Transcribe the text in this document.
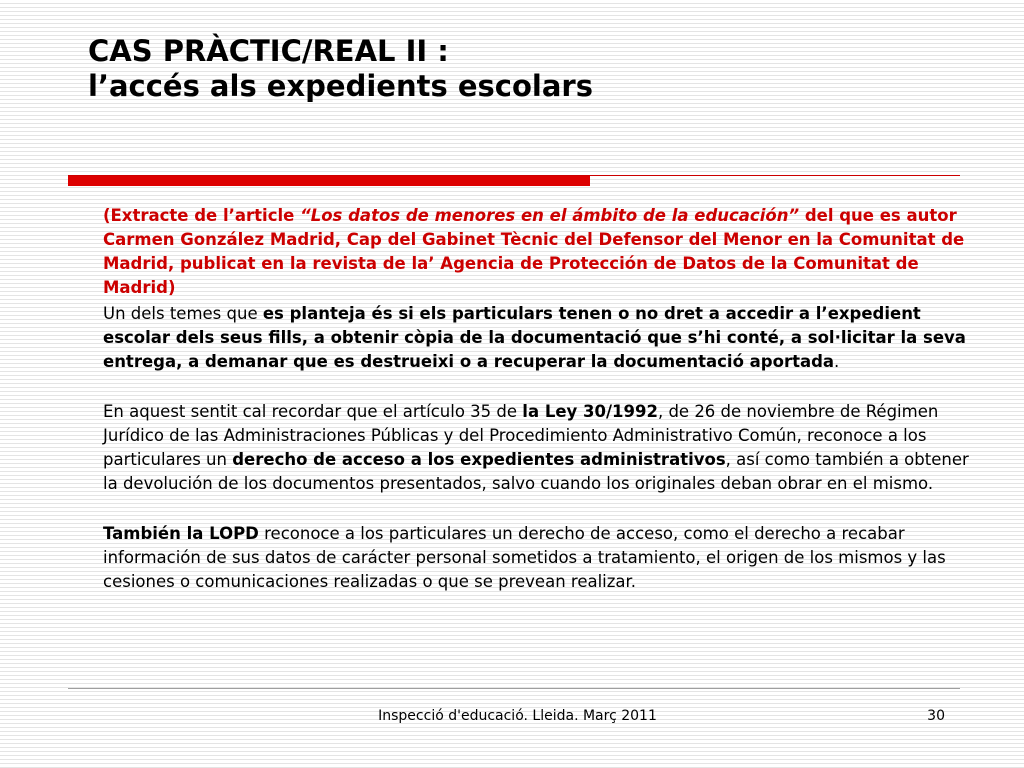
CAS PRÀCTIC/REAL II :
l’accés als expedients escolars

(Extracte de l’article “Los datos de menores en el ámbito de la educación” del que es autor Carmen González Madrid, Cap del Gabinet Tècnic del Defensor del Menor en la Comunitat de Madrid, publicat en la revista de la’ Agencia de Protección de Datos de la Comunitat de Madrid)

Un dels temes que es planteja és si els particulars tenen o no dret a accedir a l’expedient escolar dels seus fills, a obtenir còpia de la documentació que s’hi conté, a sol·licitar la seva entrega, a demanar que es destrueixi o a recuperar la documentació aportada.

En aquest sentit cal recordar que el artículo 35 de la Ley 30/1992, de 26 de noviembre de Régimen Jurídico de las Administraciones Públicas y del Procedimiento Administrativo Común, reconoce a los particulares un derecho de acceso a los expedientes administrativos, así como también a obtener la devolución de los documentos presentados, salvo cuando los originales deban obrar en el mismo.

También la LOPD reconoce a los particulares un derecho de acceso, como el derecho a recabar información de sus datos de carácter personal sometidos a tratamiento, el origen de los mismos y las cesiones o comunicaciones realizadas o que se prevean realizar.

Inspecció d'educació. Lleida. Març 2011	30
